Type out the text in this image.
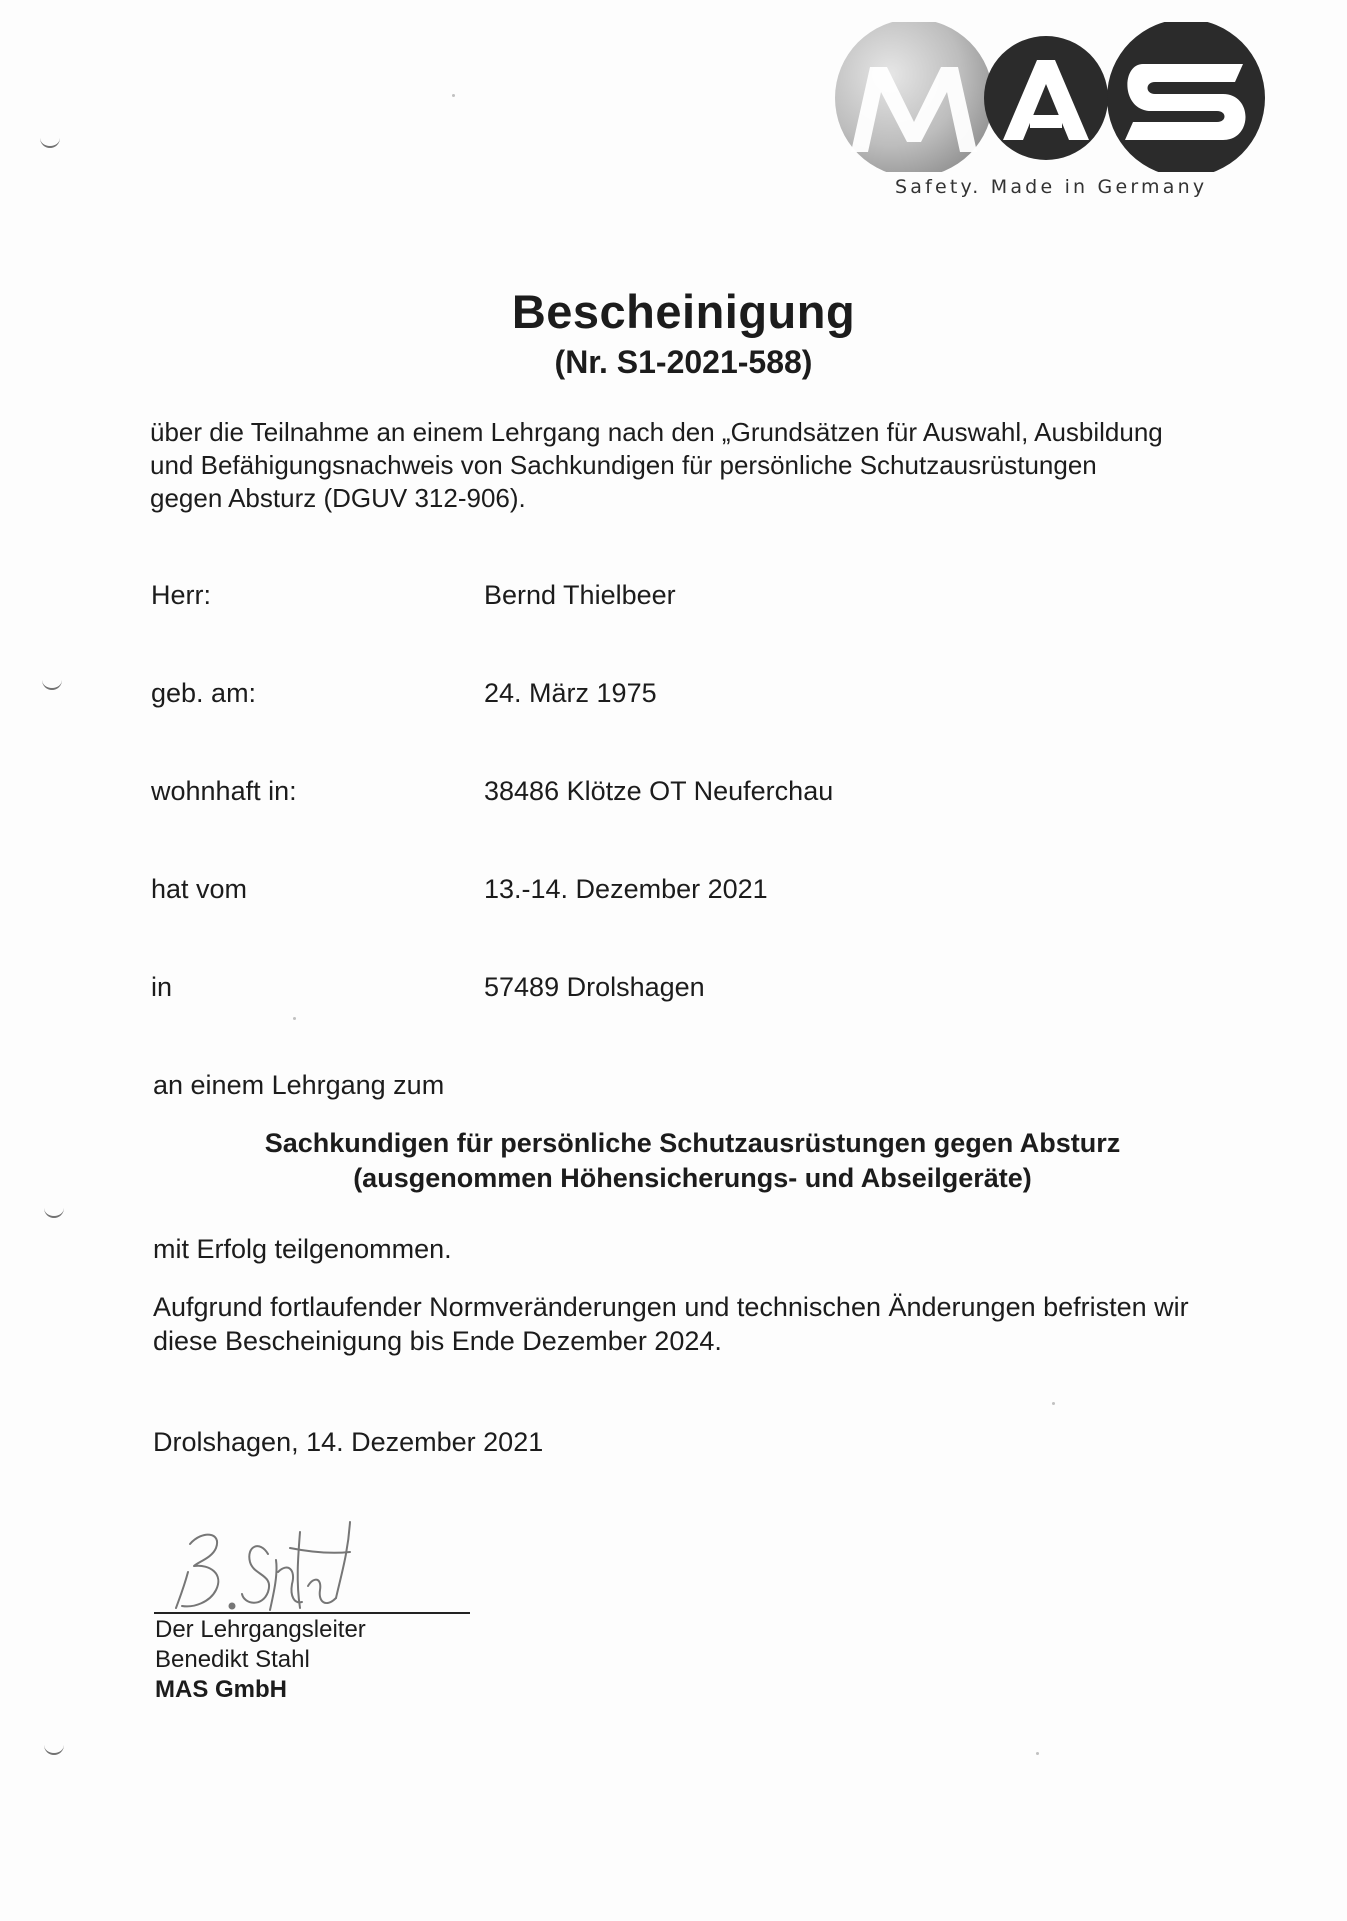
Safety. Made in Germany
Bescheinigung
(Nr. S1-2021-588)
über die Teilnahme an einem Lehrgang nach den „Grundsätzen für Auswahl, Ausbildung
und Befähigungsnachweis von Sachkundigen für persönliche Schutzausrüstungen
gegen Absturz (DGUV 312-906).
Herr:	Bernd Thielbeer
geb. am:	24. März 1975
wohnhaft in:	38486 Klötze OT Neuferchau
hat vom	13.-14. Dezember 2021
in	57489 Drolshagen
an einem Lehrgang zum
Sachkundigen für persönliche Schutzausrüstungen gegen Absturz
(ausgenommen Höhensicherungs- und Abseilgeräte)
mit Erfolg teilgenommen.
Aufgrund fortlaufender Normveränderungen und technischen Änderungen befristen wir
diese Bescheinigung bis Ende Dezember 2024.
Drolshagen, 14. Dezember 2021
Der Lehrgangsleiter
Benedikt Stahl
MAS GmbH
